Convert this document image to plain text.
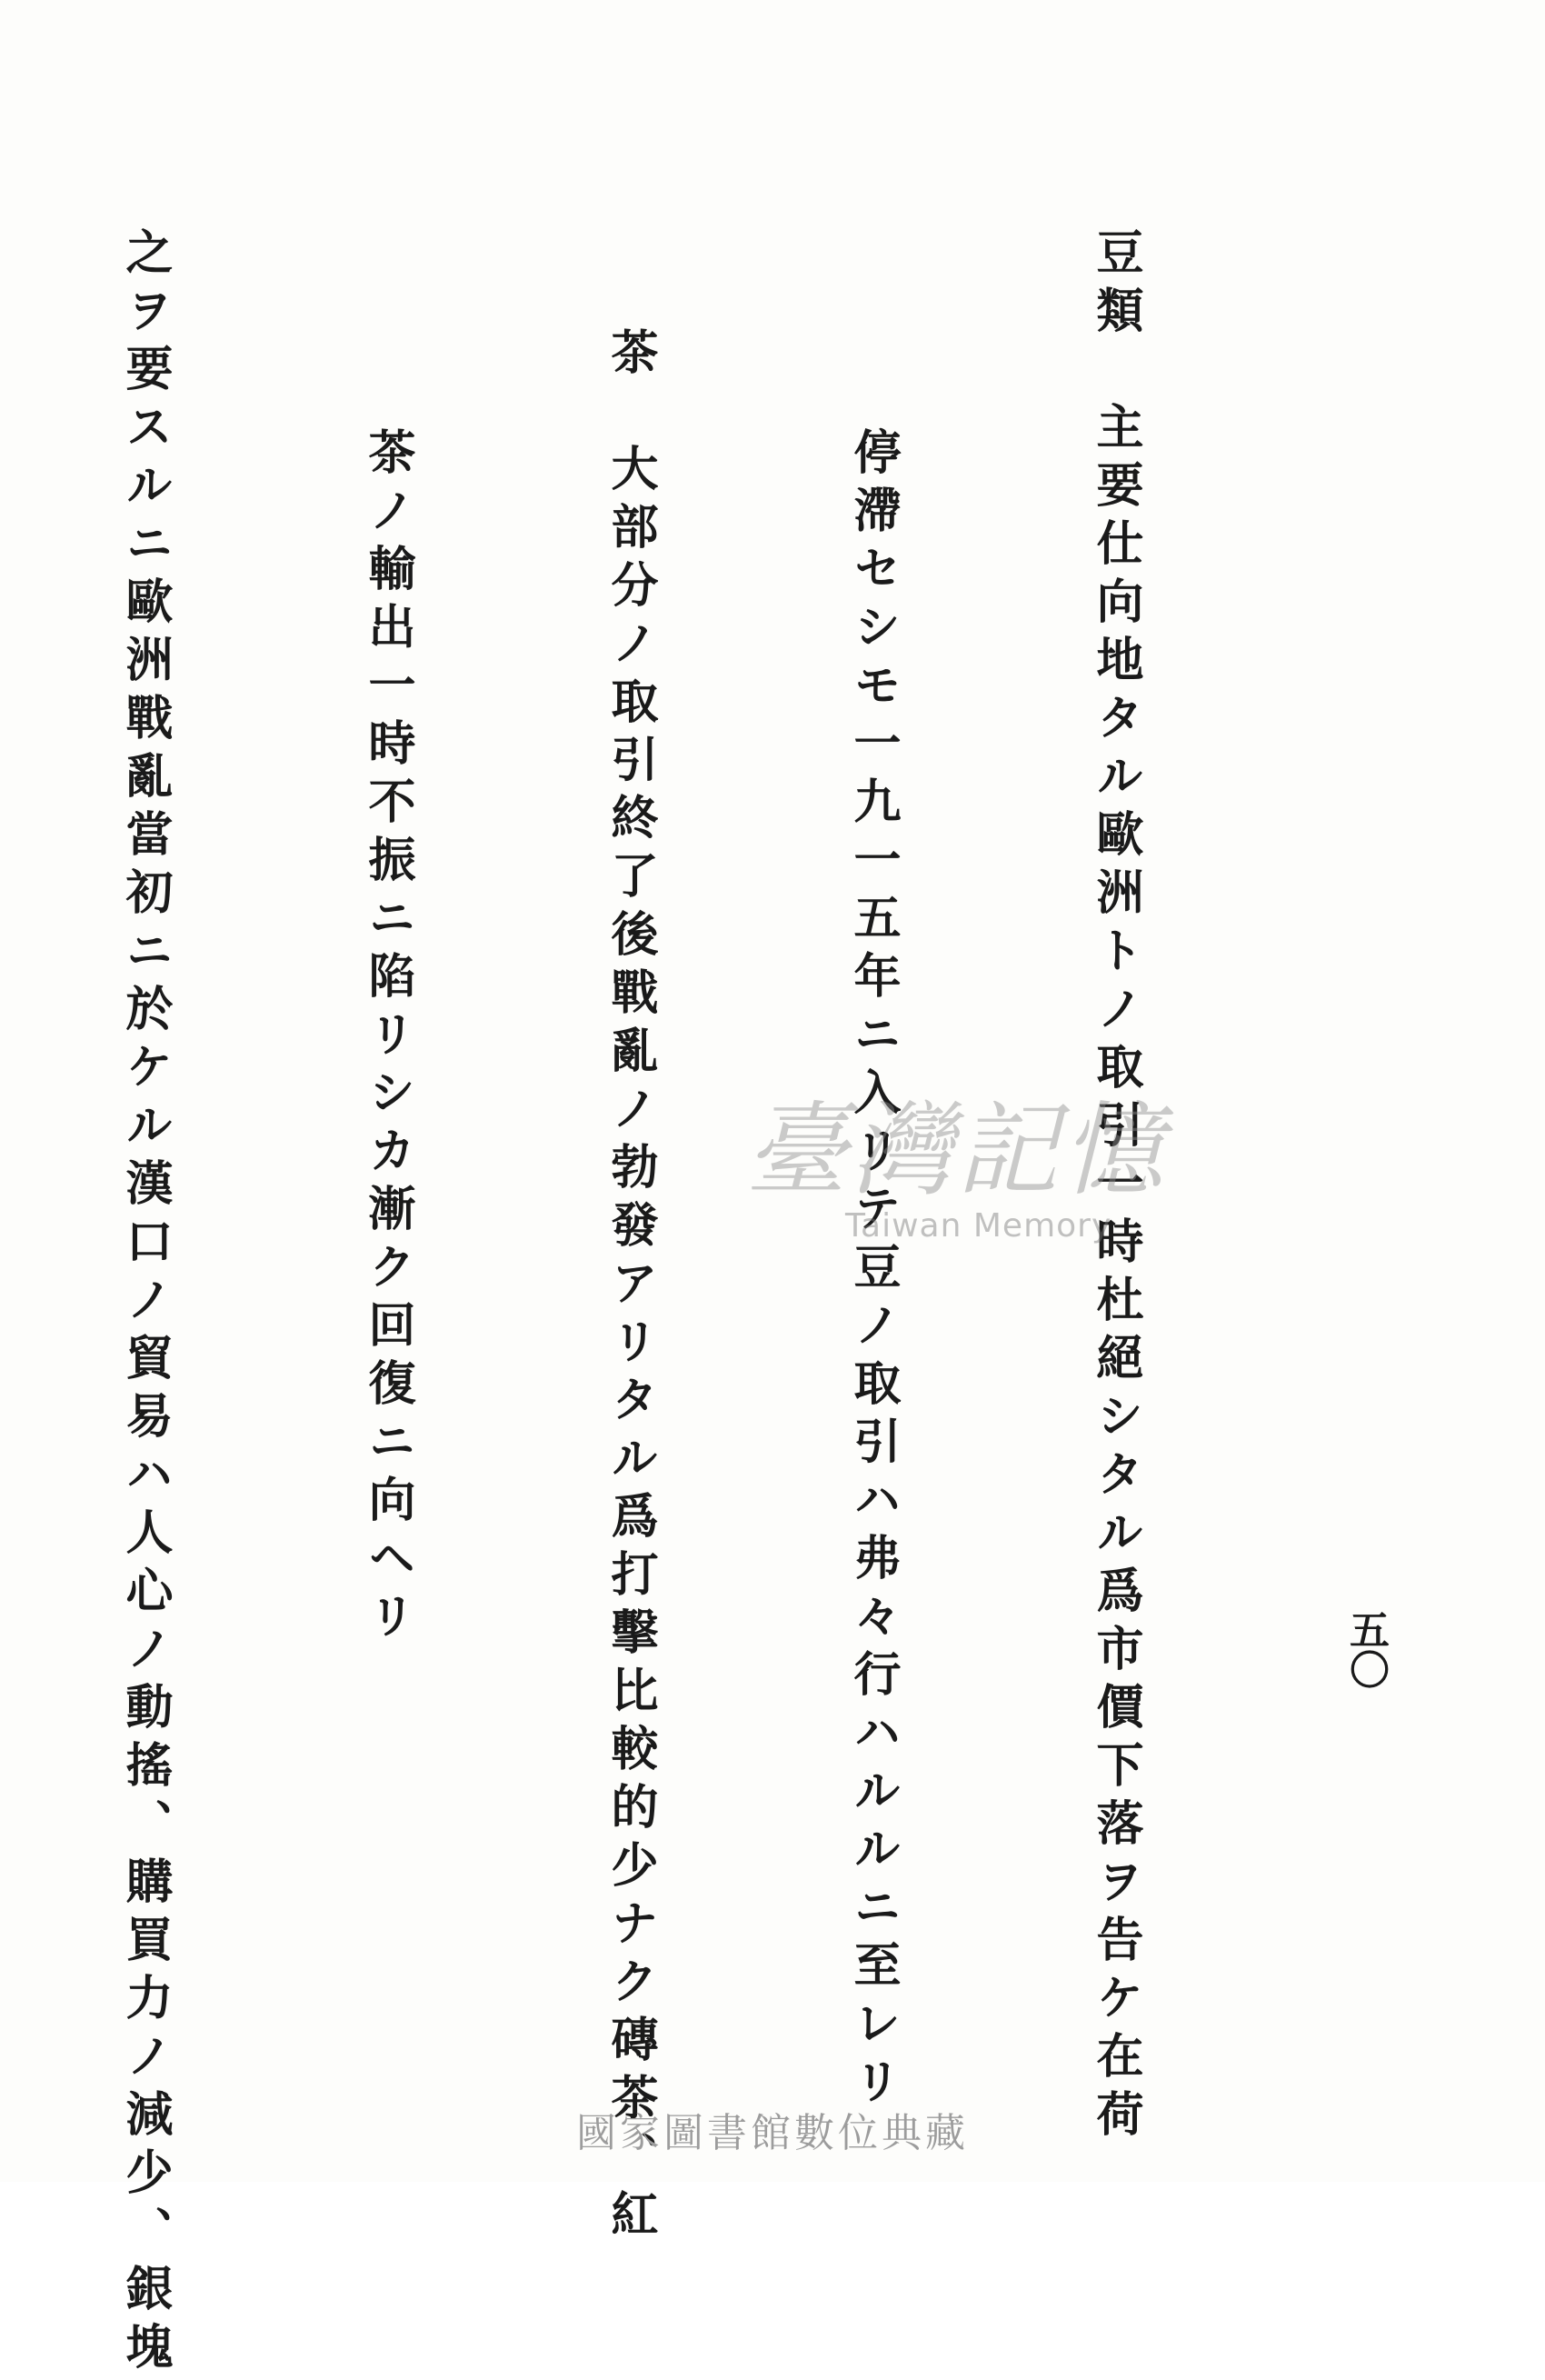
五〇

豆類　主要仕向地タル歐洲トノ取引一時杜絕シタル爲市價下落ヲ告ケ在荷

停滯セシモ一九一五年ニ入リテ豆ノ取引ハ弗々行ハルルニ至レリ

茶　大部分ノ取引終了後戰亂ノ勃發アリタル爲打擊比較的少ナク磚茶、紅

茶ノ輸出一時不振ニ陷リシカ漸ク回復ニ向ヘリ

之ヲ要スルニ歐洲戰亂當初ニ於ケル漢口ノ貿易ハ人心ノ動搖、購買力ノ減少、銀塊

	臺灣記憶
Taiwan Memory
國家圖書館數位典藏
